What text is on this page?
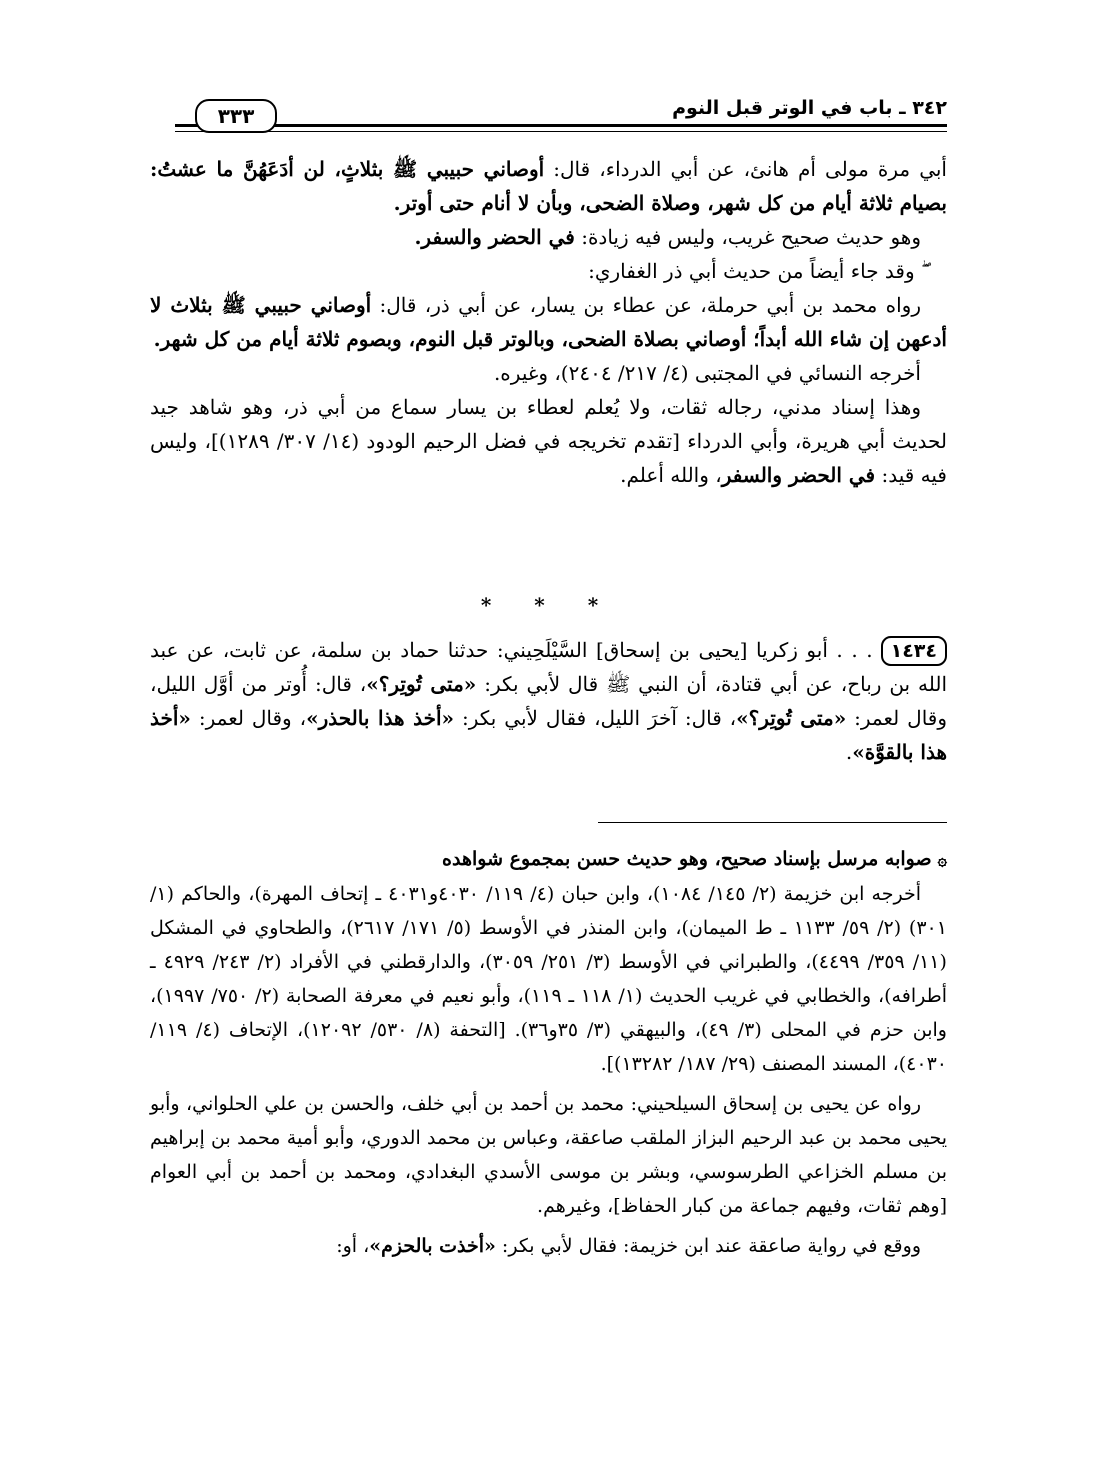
٣٤٢ ـ باب في الوتر قبل النوم
٣٣٣

أبي مرة مولى أم هانئ، عن أبي الدرداء، قال: أوصاني حبيبي ﷺ بثلاثٍ، لن أدَعَهُنَّ ما عشتُ: بصيام ثلاثة أيام من كل شهر، وصلاة الضحى، وبأن لا أنام حتى أوتر.

وهو حديث صحيح غريب، وليس فيه زيادة: في الحضر والسفر.

ۖ وقد جاء أيضاً من حديث أبي ذر الغفاري:

رواه محمد بن أبي حرملة، عن عطاء بن يسار، عن أبي ذر، قال: أوصاني حبيبي ﷺ بثلاث لا أدعهن إن شاء الله أبداً؛ أوصاني بصلاة الضحى، وبالوتر قبل النوم، وبصوم ثلاثة أيام من كل شهر.

أخرجه النسائي في المجتبى (٤/ ٢١٧/ ٢٤٠٤)، وغيره.

وهذا إسناد مدني، رجاله ثقات، ولا يُعلم لعطاء بن يسار سماع من أبي ذر، وهو شاهد جيد لحديث أبي هريرة، وأبي الدرداء [تقدم تخريجه في فضل الرحيم الودود (١٤/ ٣٠٧/ ١٢٨٩)]، وليس فيه قيد: في الحضر والسفر، والله أعلم.

* * *

١٤٣٤. . . أبو زكريا [يحيى بن إسحاق] السَّيْلَحِيني: حدثنا حماد بن سلمة، عن ثابت، عن عبد الله بن رباح، عن أبي قتادة، أن النبي ﷺ قال لأبي بكر: «متى تُوتِر؟»، قال: أُوتر من أوَّل الليل، وقال لعمر: «متى تُوتِر؟»، قال: آخرَ الليل، فقال لأبي بكر: «أخذ هذا بالحذر»، وقال لعمر: «أخذ هذا بالقوَّة».

۞صوابه مرسل بإسناد صحيح، وهو حديث حسن بمجموع شواهده

أخرجه ابن خزيمة (٢/ ١٤٥/ ١٠٨٤)، وابن حبان (٤/ ١١٩/ ٤٠٣٠و٤٠٣١ ـ إتحاف المهرة)، والحاكم (١/ ٣٠١) (٢/ ٥٩/ ١١٣٣ ـ ط الميمان)، وابن المنذر في الأوسط (٥/ ١٧١/ ٢٦١٧)، والطحاوي في المشكل (١١/ ٣٥٩/ ٤٤٩٩)، والطبراني في الأوسط (٣/ ٢٥١/ ٣٠٥٩)، والدارقطني في الأفراد (٢/ ٢٤٣/ ٤٩٢٩ ـ أطرافه)، والخطابي في غريب الحديث (١/ ١١٨ ـ ١١٩)، وأبو نعيم في معرفة الصحابة (٢/ ٧٥٠/ ١٩٩٧)، وابن حزم في المحلى (٣/ ٤٩)، والبيهقي (٣/ ٣٥و٣٦). [التحفة (٨/ ٥٣٠/ ١٢٠٩٢)، الإتحاف (٤/ ١١٩/ ٤٠٣٠)، المسند المصنف (٢٩/ ١٨٧/ ١٣٢٨٢)].

رواه عن يحيى بن إسحاق السيلحيني: محمد بن أحمد بن أبي خلف، والحسن بن علي الحلواني، وأبو يحيى محمد بن عبد الرحيم البزاز الملقب صاعقة، وعباس بن محمد الدوري، وأبو أمية محمد بن إبراهيم بن مسلم الخزاعي الطرسوسي، وبشر بن موسى الأسدي البغدادي، ومحمد بن أحمد بن أبي العوام [وهم ثقات، وفيهم جماعة من كبار الحفاظ]، وغيرهم.

ووقع في رواية صاعقة عند ابن خزيمة: فقال لأبي بكر: «أخذت بالحزم»، أو:
